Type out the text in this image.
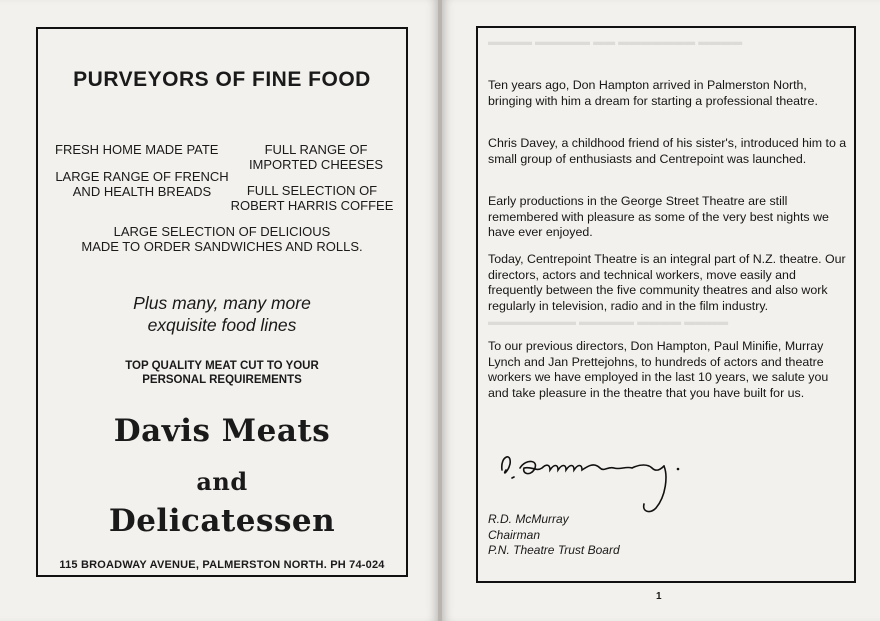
PURVEYORS OF FINE FOOD
FRESH HOME MADE PATE	FULL RANGE OF
IMPORTED CHEESES
LARGE RANGE OF FRENCH
AND HEALTH BREADS	FULL SELECTION OF
ROBERT HARRIS COFFEE
LARGE SELECTION OF DELICIOUS
MADE TO ORDER SANDWICHES AND ROLLS.
Plus many, many more
exquisite food lines
TOP QUALITY MEAT CUT TO YOUR
PERSONAL REQUIREMENTS
Davis Meats
and
Delicatessen
115 BROADWAY AVENUE, PALMERSTON NORTH. PH 74-024
▬▬▬▬ ▬▬▬▬▬ ▬▬ ▬▬▬▬▬▬▬ ▬▬▬▬
▬▬▬▬▬▬▬▬ ▬▬▬▬▬ ▬▬▬▬ ▬▬▬▬
Ten years ago, Don Hampton arrived in Palmerston North, bringing with him a dream for starting a professional theatre.
Chris Davey, a childhood friend of his sister's, introduced him to a small group of enthusiasts and Centrepoint was launched.
Early productions in the George Street Theatre are still remembered with pleasure as some of the very best nights we have ever enjoyed.
Today, Centrepoint Theatre is an integral part of N.Z. theatre. Our directors, actors and technical workers, move easily and frequently between the five community theatres and also work regularly in television, radio and in the film industry.
To our previous directors, Don Hampton, Paul Minifie, Murray Lynch and Jan Prettejohns, to hundreds of actors and theatre workers we have employed in the last 10 years, we salute you and take pleasure in the theatre that you have built for us.
R.D. McMurray
Chairman
P.N. Theatre Trust Board
1
